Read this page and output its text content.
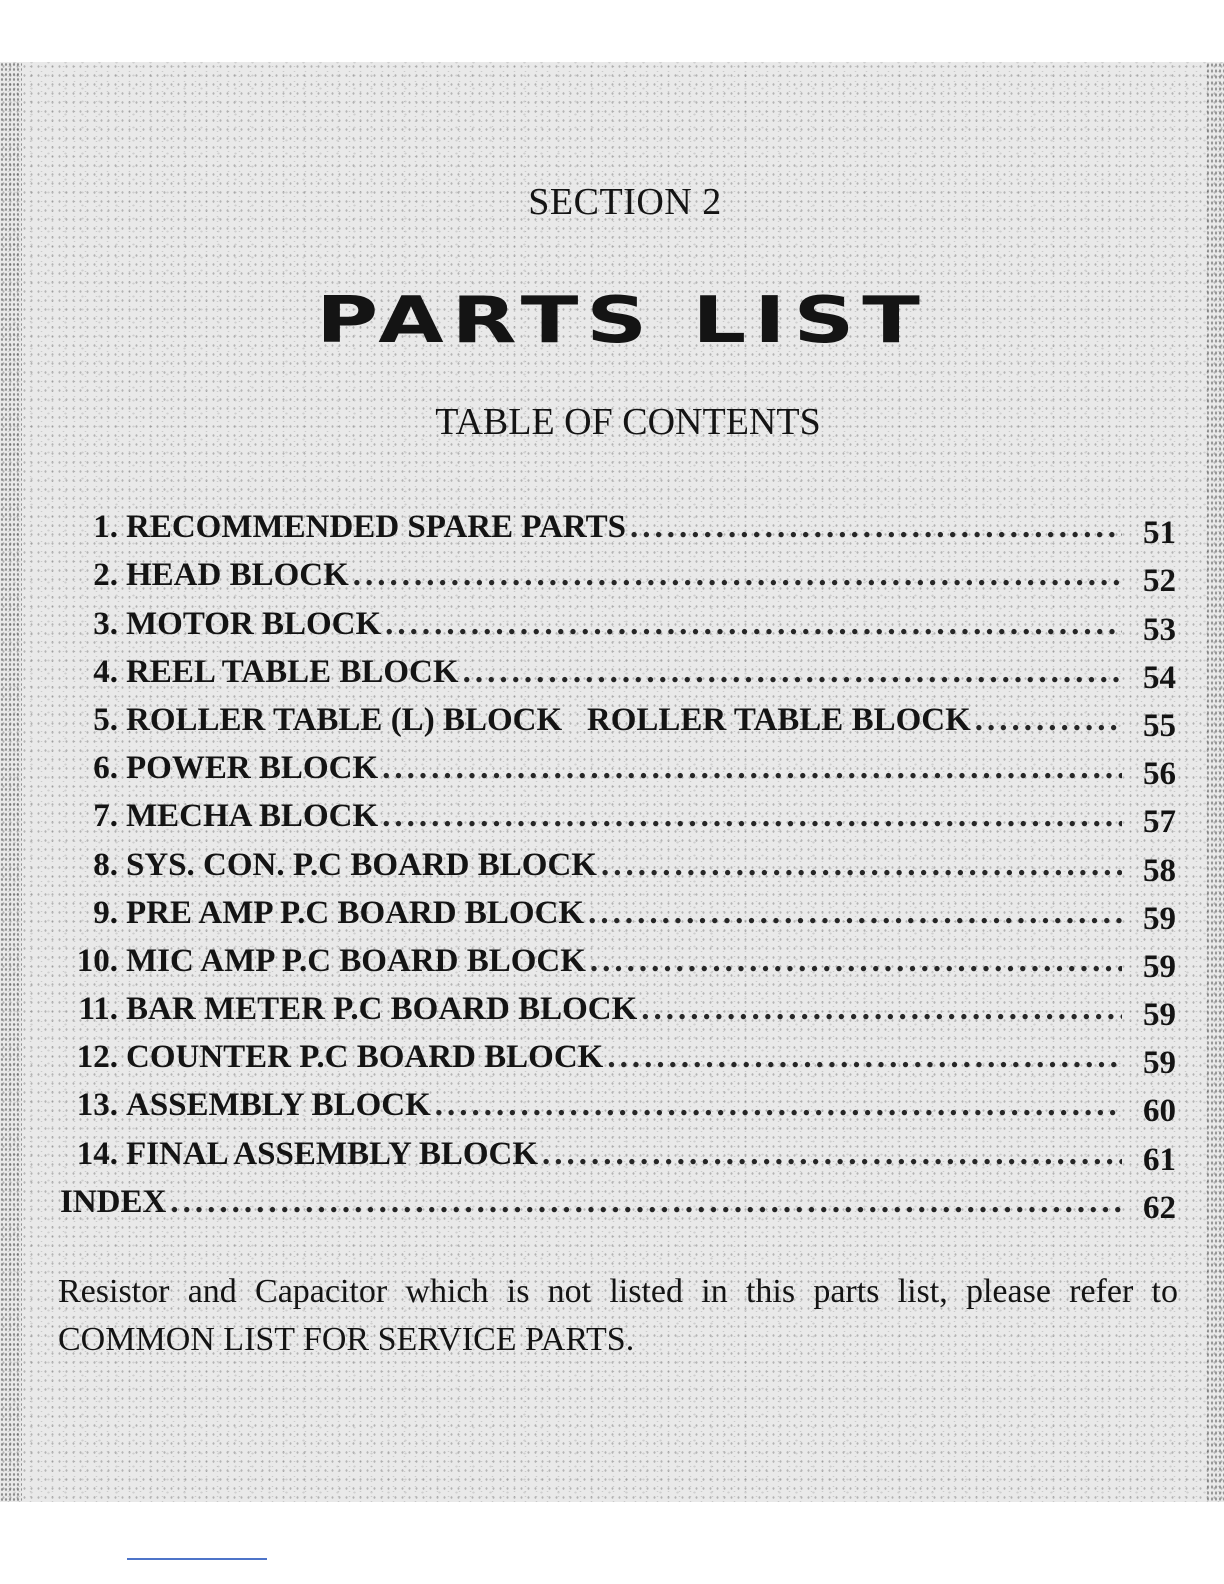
SECTION 2
PARTS LIST
TABLE OF CONTENTS
1. RECOMMENDED SPARE PARTS .....	51
2. HEAD BLOCK .....	52
3. MOTOR BLOCK .....	53
4. REEL TABLE BLOCK .....	54
5. ROLLER TABLE (L) BLOCK   ROLLER TABLE BLOCK .....	55
6. POWER BLOCK .....	56
7. MECHA BLOCK .....	57
8. SYS. CON. P.C BOARD BLOCK .....	58
9. PRE AMP P.C BOARD BLOCK .....	59
10. MIC AMP P.C BOARD BLOCK .....	59
11. BAR METER P.C BOARD BLOCK .....	59
12. COUNTER P.C BOARD BLOCK .....	59
13. ASSEMBLY BLOCK .....	60
14. FINAL ASSEMBLY BLOCK .....	61
INDEX .....	62
Resistor and Capacitor which is not listed in this parts list, please refer to
COMMON LIST FOR SERVICE PARTS.
